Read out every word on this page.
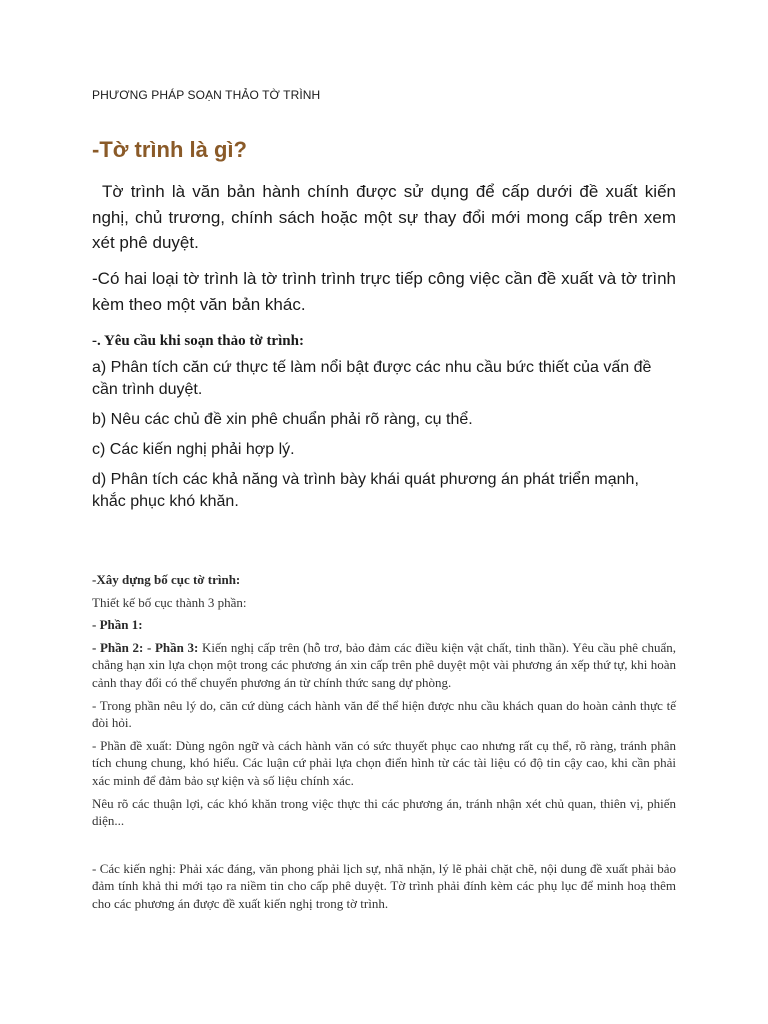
PHƯƠNG PHÁP SOẠN THẢO TỜ TRÌNH
-Tờ trình là gì?
Tờ trình là văn bản hành chính được sử dụng để cấp dưới đề xuất kiến nghị, chủ trương, chính sách hoặc một sự thay đổi mới mong cấp trên xem xét phê duyệt.
-Có hai loại tờ trình là tờ trình trình trực tiếp công việc cần đề xuất và tờ trình kèm theo một văn bản khác.
-. Yêu cầu khi soạn thảo tờ trình:
a) Phân tích căn cứ thực tế làm nổi bật được các nhu cầu bức thiết của vấn đề cần trình duyệt.
b) Nêu các chủ đề xin phê chuẩn phải rõ ràng, cụ thể.
c) Các kiến nghị phải hợp lý.
d) Phân tích các khả năng và trình bày khái quát phương án phát triển mạnh, khắc phục khó khăn.

-Xây dựng bố cục tờ trình:

Thiết kế bố cục thành 3 phần:

- Phần 1:

- Phần 2: - Phần 3: Kiến nghị cấp trên (hỗ trơ, bảo đảm các điều kiện vật chất, tinh thần). Yêu cầu phê chuẩn, chẳng hạn xin lựa chọn một trong các phương án xin cấp trên phê duyệt một vài phương án xếp thứ tự, khi hoàn cảnh thay đổi có thể chuyển phương án từ chính thức sang dự phòng.

- Trong phần nêu lý do, căn cứ dùng cách hành văn để thể hiện được nhu cầu khách quan do hoàn cảnh thực tế đòi hỏi.

- Phần đề xuất: Dùng ngôn ngữ và cách hành văn có sức thuyết phục cao nhưng rất cụ thể, rõ ràng, tránh phân tích chung chung, khó hiểu. Các luận cứ phải lựa chọn điển hình từ các tài liệu có độ tin cậy cao, khi cần phải xác minh để đảm bảo sự kiện và số liệu chính xác.

Nêu rõ các thuận lợi, các khó khăn trong việc thực thi các phương án, tránh nhận xét chủ quan, thiên vị, phiến diện...

- Các kiến nghị: Phải xác đáng, văn phong phải lịch sự, nhã nhặn, lý lẽ phải chặt chẽ, nội dung đề xuất phải bảo đảm tính khả thi mới tạo ra niềm tin cho cấp phê duyệt. Tờ trình phải đính kèm các phụ lục để minh hoạ thêm cho các phương án được đề xuất kiến nghị trong tờ trình.
